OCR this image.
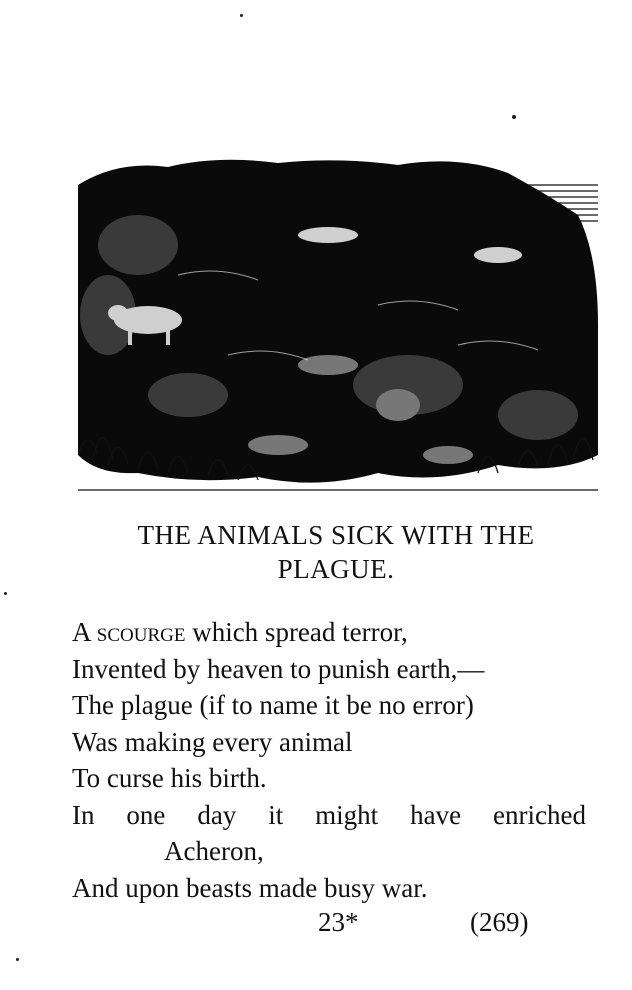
THE ANIMALS SICK WITH THE
PLAGUE.
A scourge which spread terror,
Invented by heaven to punish earth,—
The plague (if to name it be no error)
Was making every animal
To curse his birth.
In one day it might have enriched
Acheron,
And upon beasts made busy war.
23*	(269)
